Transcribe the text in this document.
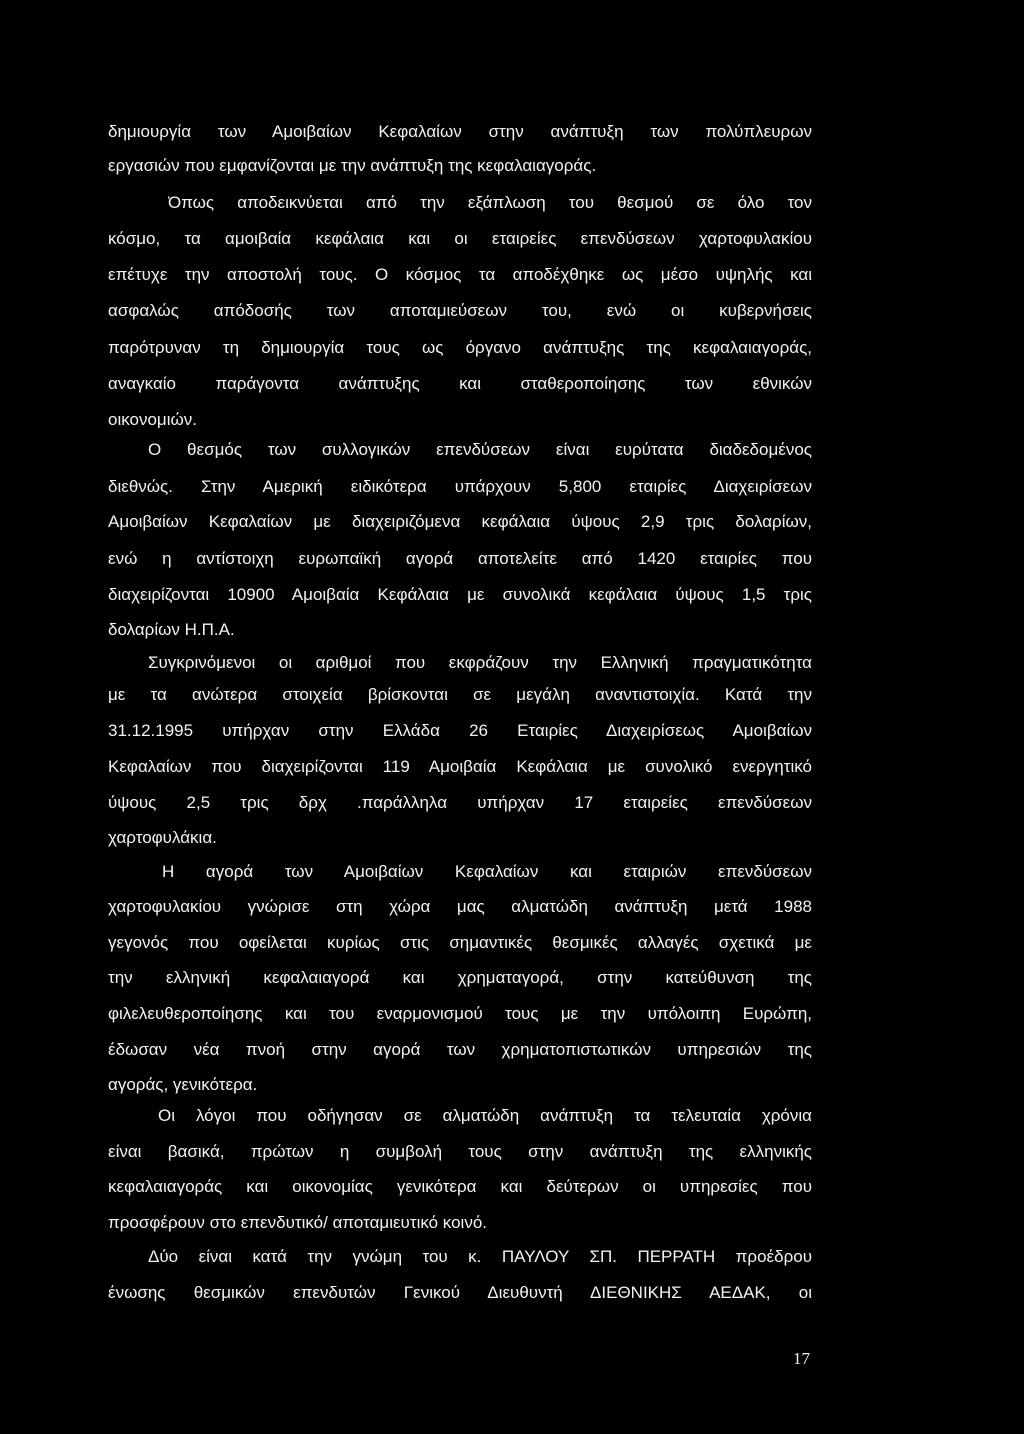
δημιουργία των Αμοιβαίων Κεφαλαίων στην ανάπτυξη των πολύπλευρων

εργασιών που εμφανίζονται με την ανάπτυξη της κεφαλαιαγοράς.

Όπως αποδεικνύεται από την εξάπλωση του θεσμού σε όλο τον

κόσμο, τα αμοιβαία κεφάλαια και οι εταιρείες επενδύσεων χαρτοφυλακίου

επέτυχε την αποστολή τους. Ο κόσμος τα αποδέχθηκε ως μέσο υψηλής και

ασφαλώς απόδοσής των αποταμιεύσεων του, ενώ οι κυβερνήσεις

παρότρυναν τη δημιουργία τους ως όργανο ανάπτυξης της κεφαλαιαγοράς,

αναγκαίο παράγοντα ανάπτυξης και σταθεροποίησης των εθνικών

οικονομιών.

Ο θεσμός των συλλογικών επενδύσεων είναι ευρύτατα διαδεδομένος

διεθνώς. Στην Αμερική ειδικότερα υπάρχουν 5,800 εταιρίες Διαχειρίσεων

Αμοιβαίων Κεφαλαίων με διαχειριζόμενα κεφάλαια ύψους 2,9 τρις δολαρίων,

ενώ η αντίστοιχη ευρωπαϊκή αγορά αποτελείτε από 1420 εταιρίες που

διαχειρίζονται 10900 Αμοιβαία Κεφάλαια με συνολικά κεφάλαια ύψους 1,5 τρις

δολαρίων Η.Π.Α.

Συγκρινόμενοι οι αριθμοί που εκφράζουν την Ελληνική πραγματικότητα

με τα ανώτερα στοιχεία βρίσκονται σε μεγάλη αναντιστοιχία. Κατά την

31.12.1995 υπήρχαν στην Ελλάδα 26 Εταιρίες Διαχειρίσεως Αμοιβαίων

Κεφαλαίων που διαχειρίζονται 119 Αμοιβαία Κεφάλαια με συνολικό ενεργητικό

ύψους 2,5 τρις δρχ .παράλληλα υπήρχαν 17 εταιρείες επενδύσεων

χαρτοφυλάκια.

Η αγορά των Αμοιβαίων Κεφαλαίων και εταιριών επενδύσεων

χαρτοφυλακίου γνώρισε στη χώρα μας αλματώδη ανάπτυξη μετά 1988

γεγονός που οφείλεται κυρίως στις σημαντικές θεσμικές αλλαγές σχετικά με

την ελληνική κεφαλαιαγορά και χρηματαγορά, στην κατεύθυνση της

φιλελευθεροποίησης και του εναρμονισμού τους με την υπόλοιπη Ευρώπη,

έδωσαν νέα πνοή στην αγορά των χρηματοπιστωτικών υπηρεσιών της

αγοράς, γενικότερα.

Οι λόγοι που οδήγησαν σε αλματώδη ανάπτυξη τα τελευταία χρόνια

είναι βασικά, πρώτων η συμβολή τους στην ανάπτυξη της ελληνικής

κεφαλαιαγοράς και οικονομίας γενικότερα και δεύτερων οι υπηρεσίες που

προσφέρουν στο επενδυτικό/ αποταμιευτικό κοινό.

Δύο είναι κατά την γνώμη του κ. ΠΑΥΛΟΥ ΣΠ. ΠΕΡΡΑΤΗ προέδρου

ένωσης θεσμικών επενδυτών Γενικού Διευθυντή ΔΙΕΘΝΙΚΗΣ ΑΕΔΑΚ, οι

17
